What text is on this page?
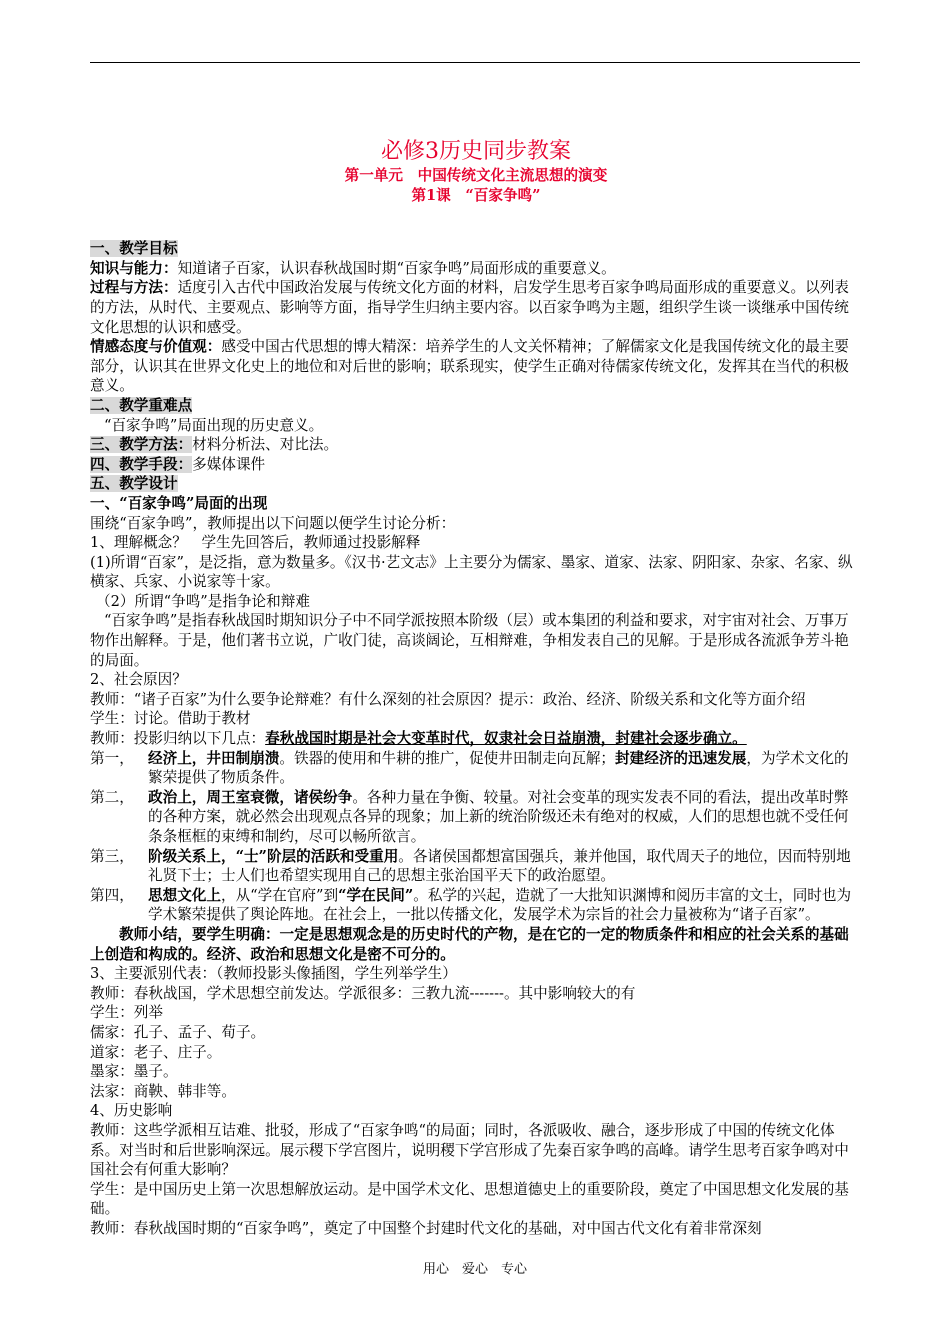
必修3历史同步教案

第一单元　中国传统文化主流思想的演变

第1课　“百家争鸣”

一、教学目标

知识与能力：知道诸子百家，认识春秋战国时期“百家争鸣”局面形成的重要意义。

过程与方法：适度引入古代中国政治发展与传统文化方面的材料，启发学生思考百家争鸣局面形成的重要意义。以列表的方法，从时代、主要观点、影响等方面，指导学生归纳主要内容。以百家争鸣为主题，组织学生谈一谈继承中国传统文化思想的认识和感受。

情感态度与价值观：感受中国古代思想的博大精深：培养学生的人文关怀精神；了解儒家文化是我国传统文化的最主要部分，认识其在世界文化史上的地位和对后世的影响；联系现实，使学生正确对待儒家传统文化，发挥其在当代的积极意义。

二、教学重难点

“百家争鸣”局面出现的历史意义。

三、教学方法：材料分析法、对比法。

四、教学手段：多媒体课件

五、教学设计

一、“百家争鸣”局面的出现

围绕“百家争鸣”，教师提出以下问题以便学生讨论分析：

1、理解概念？　学生先回答后，教师通过投影解释

(1)所谓“百家”，是泛指，意为数量多。《汉书·艺文志》上主要分为儒家、墨家、道家、法家、阴阳家、杂家、名家、纵横家、兵家、小说家等十家。

（2）所谓“争鸣”是指争论和辩难

“百家争鸣”是指春秋战国时期知识分子中不同学派按照本阶级（层）或本集团的利益和要求，对宇宙对社会、万事万物作出解释。于是，他们著书立说，广收门徒，高谈阔论，互相辩难，争相发表自己的见解。于是形成各流派争芳斗艳的局面。

2、社会原因？

教师：“诸子百家”为什么要争论辩难？有什么深刻的社会原因？提示：政治、经济、阶级关系和文化等方面介绍

学生：讨论。借助于教材

教师：投影归纳以下几点：春秋战国时期是社会大变革时代，奴隶社会日益崩溃，封建社会逐步确立。

第一， 经济上，井田制崩溃。铁器的使用和牛耕的推广，促使井田制走向瓦解；封建经济的迅速发展，为学术文化的繁荣提供了物质条件。
第二， 政治上，周王室衰微，诸侯纷争。各种力量在争衡、较量。对社会变革的现实发表不同的看法，提出改革时弊的各种方案，就必然会出现观点各异的现象；加上新的统治阶级还未有绝对的权威，人们的思想也就不受任何条条框框的束缚和制约，尽可以畅所欲言。
第三， 阶级关系上，“士”阶层的活跃和受重用。各诸侯国都想富国强兵，兼并他国，取代周天子的地位，因而特别地礼贤下士；士人们也希望实现用自己的思想主张治国平天下的政治愿望。
第四， 思想文化上，从“学在官府”到“学在民间”。私学的兴起，造就了一大批知识渊博和阅历丰富的文士，同时也为学术繁荣提供了舆论阵地。在社会上，一批以传播文化，发展学术为宗旨的社会力量被称为“诸子百家”。

教师小结，要学生明确：一定是思想观念是的历史时代的产物，是在它的一定的物质条件和相应的社会关系的基础上创造和构成的。经济、政治和思想文化是密不可分的。

3、主要派别代表：（教师投影头像插图，学生列举学生）

教师：春秋战国，学术思想空前发达。学派很多：三教九流-------。其中影响较大的有

学生：列举

儒家：孔子、孟子、荀子。

道家：老子、庄子。

墨家：墨子。

法家：商鞅、韩非等。

4、历史影响

教师：这些学派相互诘难、批驳，形成了“百家争鸣“的局面；同时，各派吸收、融合，逐步形成了中国的传统文化体系。对当时和后世影响深远。展示稷下学宫图片，说明稷下学宫形成了先秦百家争鸣的高峰。请学生思考百家争鸣对中国社会有何重大影响？

学生：是中国历史上第一次思想解放运动。是中国学术文化、思想道德史上的重要阶段，奠定了中国思想文化发展的基础。

教师：春秋战国时期的“百家争鸣”，奠定了中国整个封建时代文化的基础，对中国古代文化有着非常深刻

用心　爱心　专心
